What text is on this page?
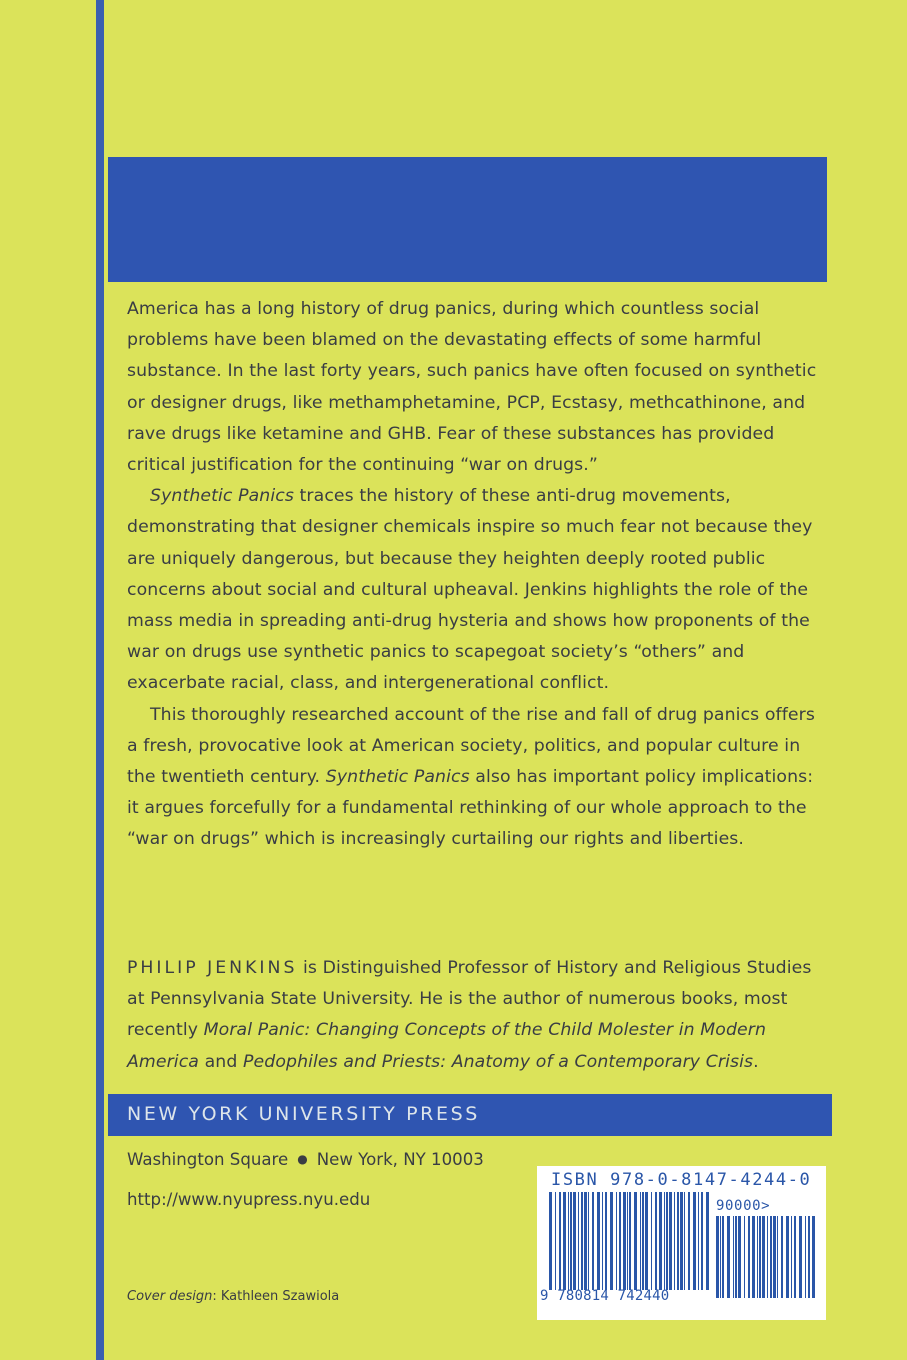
America has a long history of drug panics, during which countless social problems have been blamed on the devastating effects of some harmful substance. In the last forty years, such panics have often focused on synthetic or designer drugs, like methamphetamine, PCP, Ecstasy, methcathinone, and rave drugs like ketamine and GHB. Fear of these substances has provided critical justification for the continuing “war on drugs.”

Synthetic Panics traces the history of these anti-drug movements, demonstrating that designer chemicals inspire so much fear not because they are uniquely dangerous, but because they heighten deeply rooted public concerns about social and cultural upheaval. Jenkins highlights the role of the mass media in spreading anti-drug hysteria and shows how proponents of the war on drugs use synthetic panics to scapegoat society’s “others” and exacerbate racial, class, and intergenerational conflict.

This thoroughly researched account of the rise and fall of drug panics offers a fresh, provocative look at American society, politics, and popular culture in the twentieth century. Synthetic Panics also has important policy implications: it argues forcefully for a fundamental rethinking of our whole approach to the “war on drugs” which is increasingly curtailing our rights and liberties.

PHILIP JENKINS is Distinguished Professor of History and Religious Studies at Pennsylvania State University. He is the author of numerous books, most recently Moral Panic: Changing Concepts of the Child Molester in Modern America and Pedophiles and Priests: Anatomy of a Contemporary Crisis.
NEW YORK UNIVERSITY PRESS
Washington Square ● New York, NY 10003
http://www.nyupress.nyu.edu
Cover design: Kathleen Szawiola
ISBN 978-0-8147-4244-0
90000>
9 780814 742440
